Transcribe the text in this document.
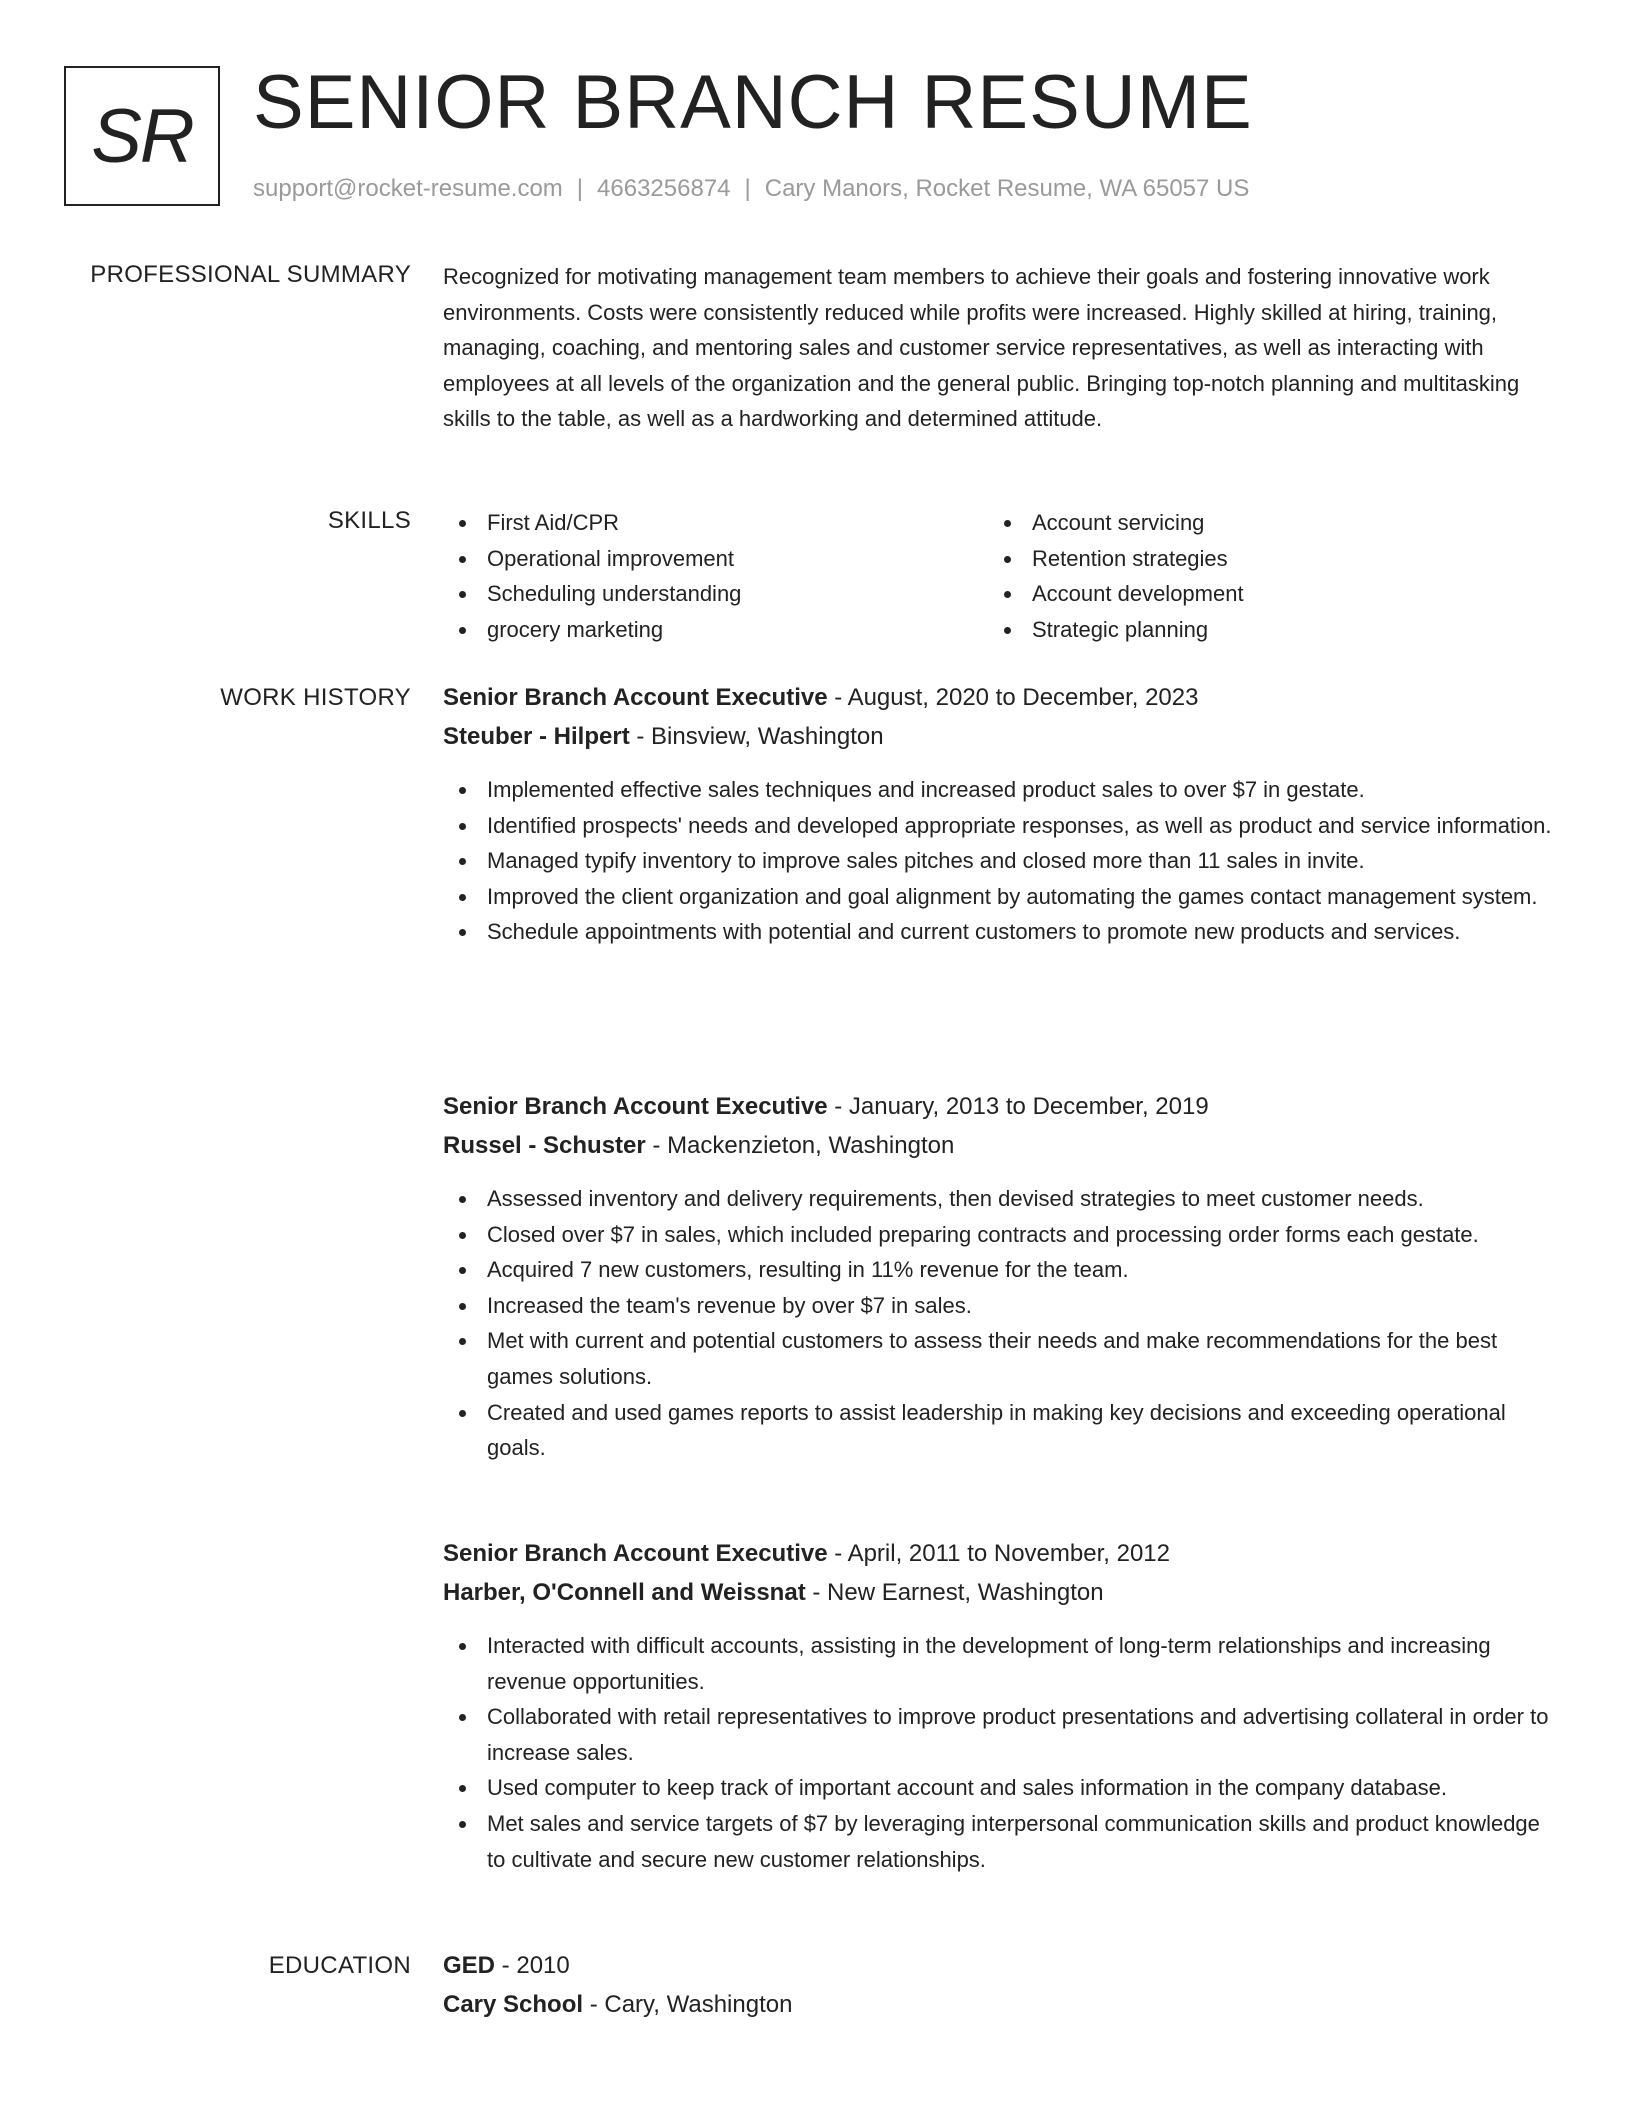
SR SENIOR BRANCH RESUME
support@rocket-resume.com | 4663256874 | Cary Manors, Rocket Resume, WA 65057 US
PROFESSIONAL SUMMARY Recognized for motivating management team members to achieve their goals and fostering innovative work environments. Costs were consistently reduced while profits were increased. Highly skilled at hiring, training, managing, coaching, and mentoring sales and customer service representatives, as well as interacting with employees at all levels of the organization and the general public. Bringing top-notch planning and multitasking skills to the table, as well as a hardworking and determined attitude.

SKILLS	First Aid/CPR
Operational improvement
Scheduling understanding
grocery marketing
Account servicing
Retention strategies
Account development
Strategic planning
WORK HISTORY Senior Branch Account Executive - August, 2020 to December, 2023
Steuber - Hilpert - Binsview, Washington
Implemented effective sales techniques and increased product sales to over $7 in gestate.
Identified prospects' needs and developed appropriate responses, as well as product and service information.
Managed typify inventory to improve sales pitches and closed more than 11 sales in invite.
Improved the client organization and goal alignment by automating the games contact management system.
Schedule appointments with potential and current customers to promote new products and services.
Senior Branch Account Executive - January, 2013 to December, 2019
Russel - Schuster - Mackenzieton, Washington
Assessed inventory and delivery requirements, then devised strategies to meet customer needs.
Closed over $7 in sales, which included preparing contracts and processing order forms each gestate.
Acquired 7 new customers, resulting in 11% revenue for the team.
Increased the team's revenue by over $7 in sales.
Met with current and potential customers to assess their needs and make recommendations for the best games solutions.
Created and used games reports to assist leadership in making key decisions and exceeding operational goals.
Senior Branch Account Executive - April, 2011 to November, 2012
Harber, O'Connell and Weissnat - New Earnest, Washington
Interacted with difficult accounts, assisting in the development of long-term relationships and increasing revenue opportunities.
Collaborated with retail representatives to improve product presentations and advertising collateral in order to increase sales.
Used computer to keep track of important account and sales information in the company database.
Met sales and service targets of $7 by leveraging interpersonal communication skills and product knowledge to cultivate and secure new customer relationships.
EDUCATION GED - 2010
Cary School - Cary, Washington
